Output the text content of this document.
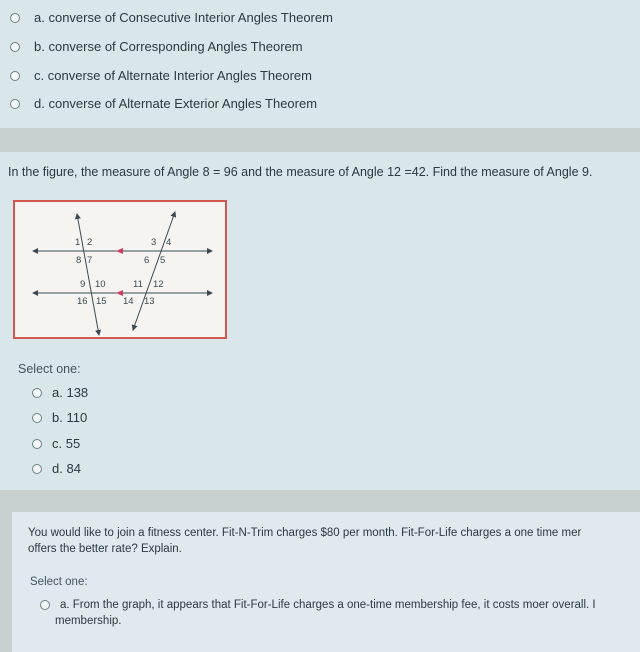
a.
converse of Consecutive Interior Angles Theorem
b.
converse of Corresponding Angles Theorem
c.
converse of Alternate Interior Angles Theorem
d.
converse of Alternate Exterior Angles Theorem
In the figure, the measure of Angle 8 = 96 and the measure of Angle 12 =42. Find the measure of Angle 9.
1 2
7
8
3 4
5
6
9 10
15
16
11 12
13
14
Select one:
a.
138
b.
110
c.
55
d.
84
You would like to join a fitness center. Fit-N-Trim charges $80 per month. Fit-For-Life charges a one time mer
offers the better rate? Explain.
Select one:
a. From the graph, it appears that Fit-For-Life charges a one-time membership fee, it costs moer overall. I
membership.
